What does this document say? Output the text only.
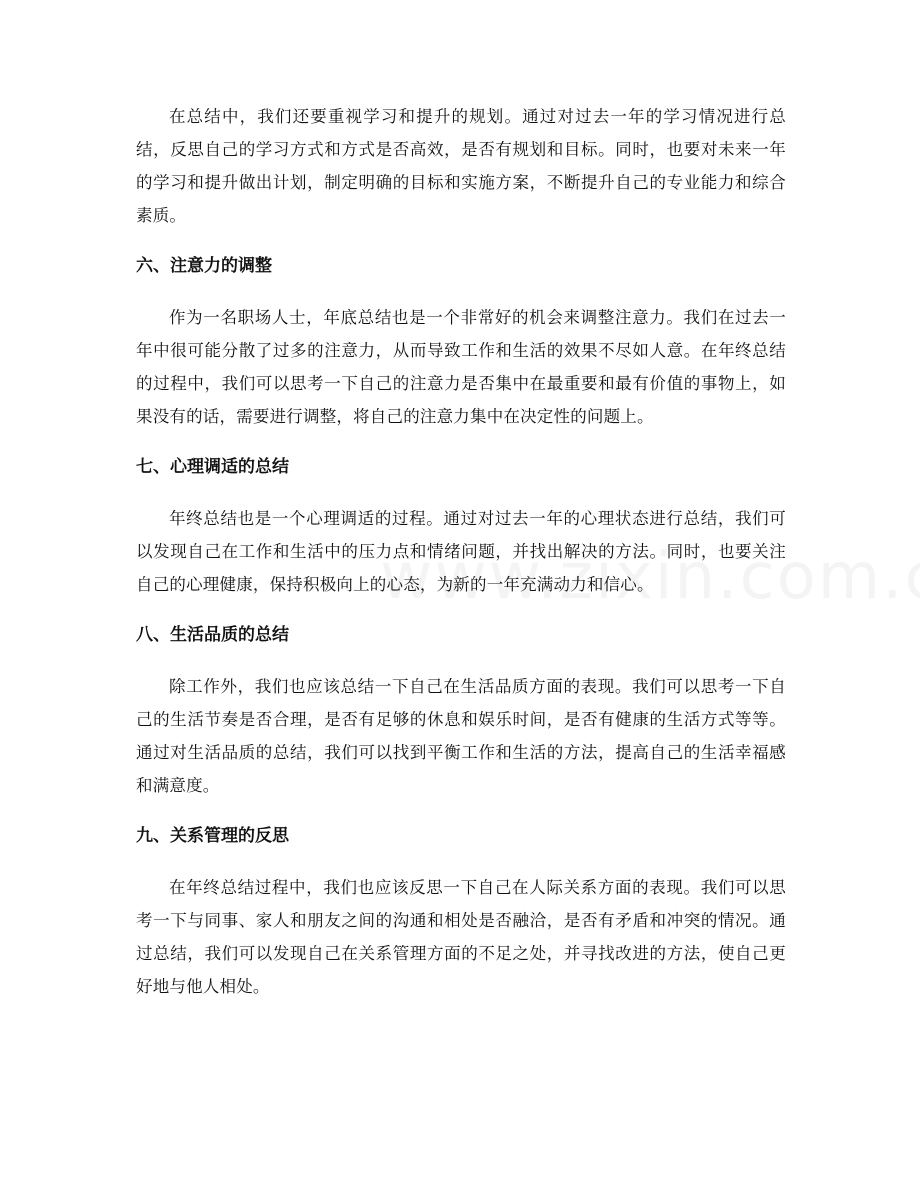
在总结中，我们还要重视学习和提升的规划。通过对过去一年的学习情况进行总结，反思自己的学习方式和方式是否高效，是否有规划和目标。同时，也要对未来一年的学习和提升做出计划，制定明确的目标和实施方案，不断提升自己的专业能力和综合素质。

六、注意力的调整

作为一名职场人士，年底总结也是一个非常好的机会来调整注意力。我们在过去一年中很可能分散了过多的注意力，从而导致工作和生活的效果不尽如人意。在年终总结的过程中，我们可以思考一下自己的注意力是否集中在最重要和最有价值的事物上，如果没有的话，需要进行调整，将自己的注意力集中在决定性的问题上。

七、心理调适的总结

年终总结也是一个心理调适的过程。通过对过去一年的心理状态进行总结，我们可以发现自己在工作和生活中的压力点和情绪问题，并找出解决的方法。同时，也要关注自己的心理健康，保持积极向上的心态，为新的一年充满动力和信心。

八、生活品质的总结

除工作外，我们也应该总结一下自己在生活品质方面的表现。我们可以思考一下自己的生活节奏是否合理，是否有足够的休息和娱乐时间，是否有健康的生活方式等等。通过对生活品质的总结，我们可以找到平衡工作和生活的方法，提高自己的生活幸福感和满意度。

九、关系管理的反思

在年终总结过程中，我们也应该反思一下自己在人际关系方面的表现。我们可以思考一下与同事、家人和朋友之间的沟通和相处是否融洽，是否有矛盾和冲突的情况。通过总结，我们可以发现自己在关系管理方面的不足之处，并寻找改进的方法，使自己更好地与他人相处。
